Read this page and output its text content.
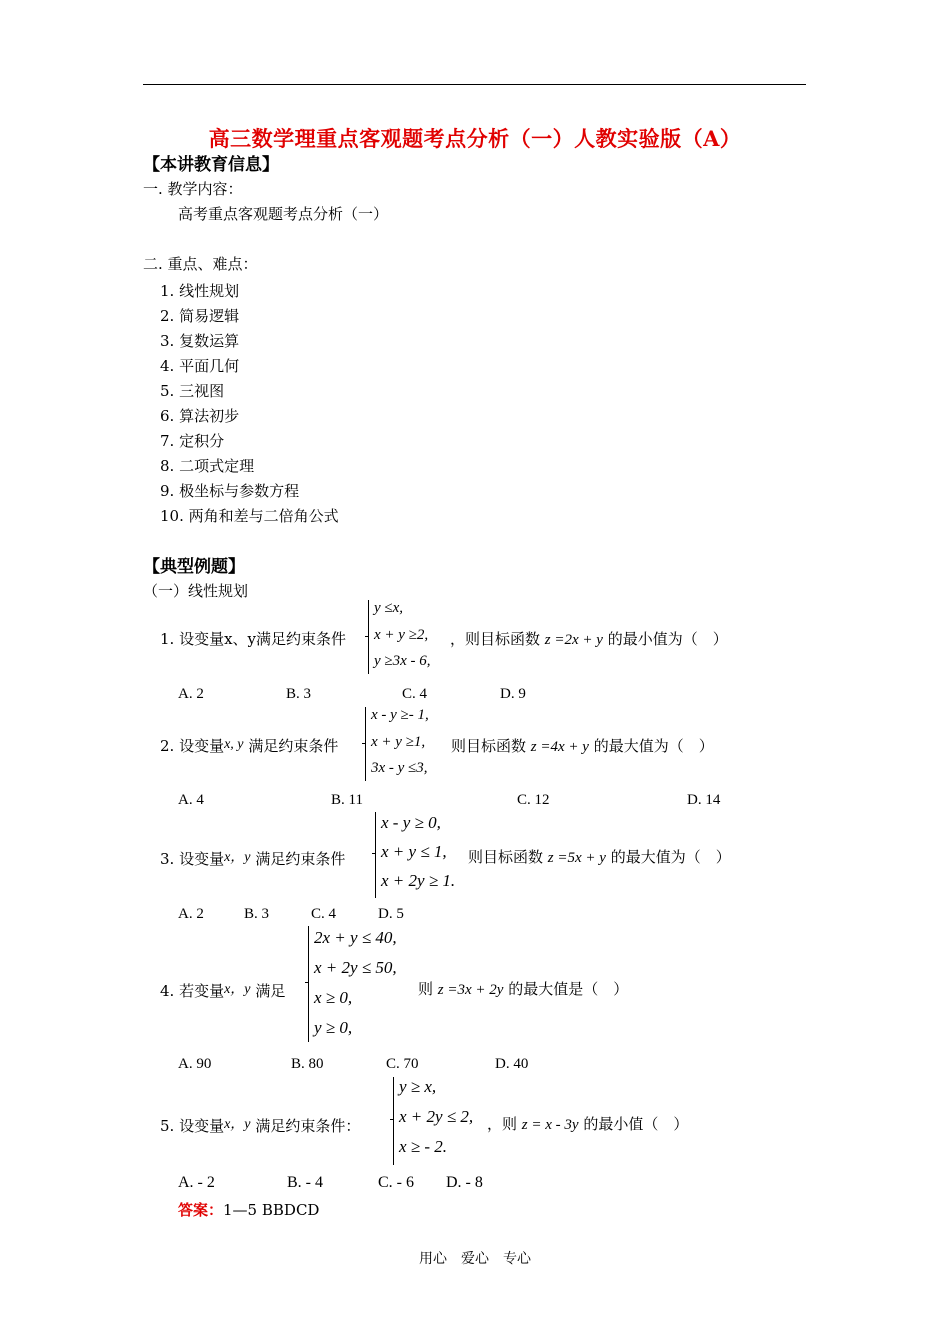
高三数学理重点客观题考点分析（一）人教实验版（A）
【本讲教育信息】
一. 教学内容：
高考重点客观题考点分析（一）
二. 重点、难点：
1. 线性规划
2. 简易逻辑
3. 复数运算
4. 平面几何
5. 三视图
6. 算法初步
7. 定积分
8. 二项式定理
9. 极坐标与参数方程
10. 两角和差与二倍角公式
【典型例题】
（一）线性规划
1. 设变量x、y满足约束条件
y ≤x,
x + y ≥2,
y ≥3x - 6,
，则目标函数 z =2x + y 的最小值为（　）
A. 2	B. 3	C. 4	D. 9
2. 设变量x, y 满足约束条件
x - y ≥- 1,
x + y ≥1,
3x - y ≤3,
则目标函数 z =4x + y 的最大值为（　）
A. 4	B. 11	C. 12	D. 14
3. 设变量x，y 满足约束条件
x - y ≥ 0,
x + y ≤ 1,
x + 2y ≥ 1.
则目标函数 z =5x + y 的最大值为（　）
A. 2	B. 3	C. 4	D. 5
4. 若变量x，y 满足
2x + y ≤ 40,
x + 2y ≤ 50,
x ≥ 0,
y ≥ 0,
则 z =3x + 2y 的最大值是（　）
A. 90	B. 80	C. 70	D. 40
5. 设变量x，y 满足约束条件：
y ≥ x,
x + 2y ≤ 2,
x ≥ - 2.
，则 z = x - 3y 的最小值（　）
A. - 2	B. - 4	C. - 6 D. - 8
答案：1—5 BBDCD
用心　爱心　专心
